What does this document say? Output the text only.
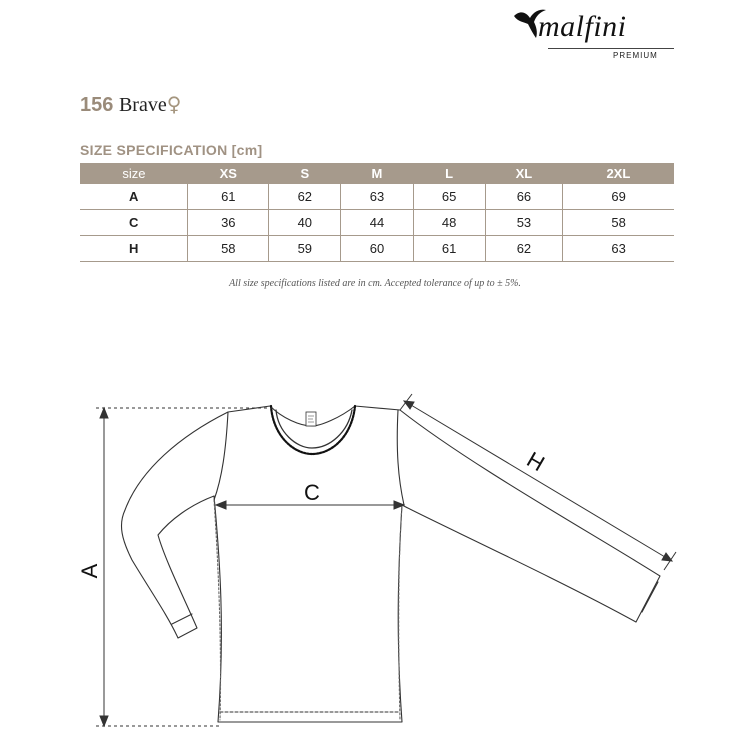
malfini
PREMIUM
156 Brave♀
SIZE SPECIFICATION [cm]
size	XS	S	M	L	XL	2XL
A	61	62	63	65	66	69
C	36	40	44	48	53	58
H	58	59	60	61	62	63
All size specifications listed are in cm. Accepted tolerance of up to ± 5%.
A
C
H
